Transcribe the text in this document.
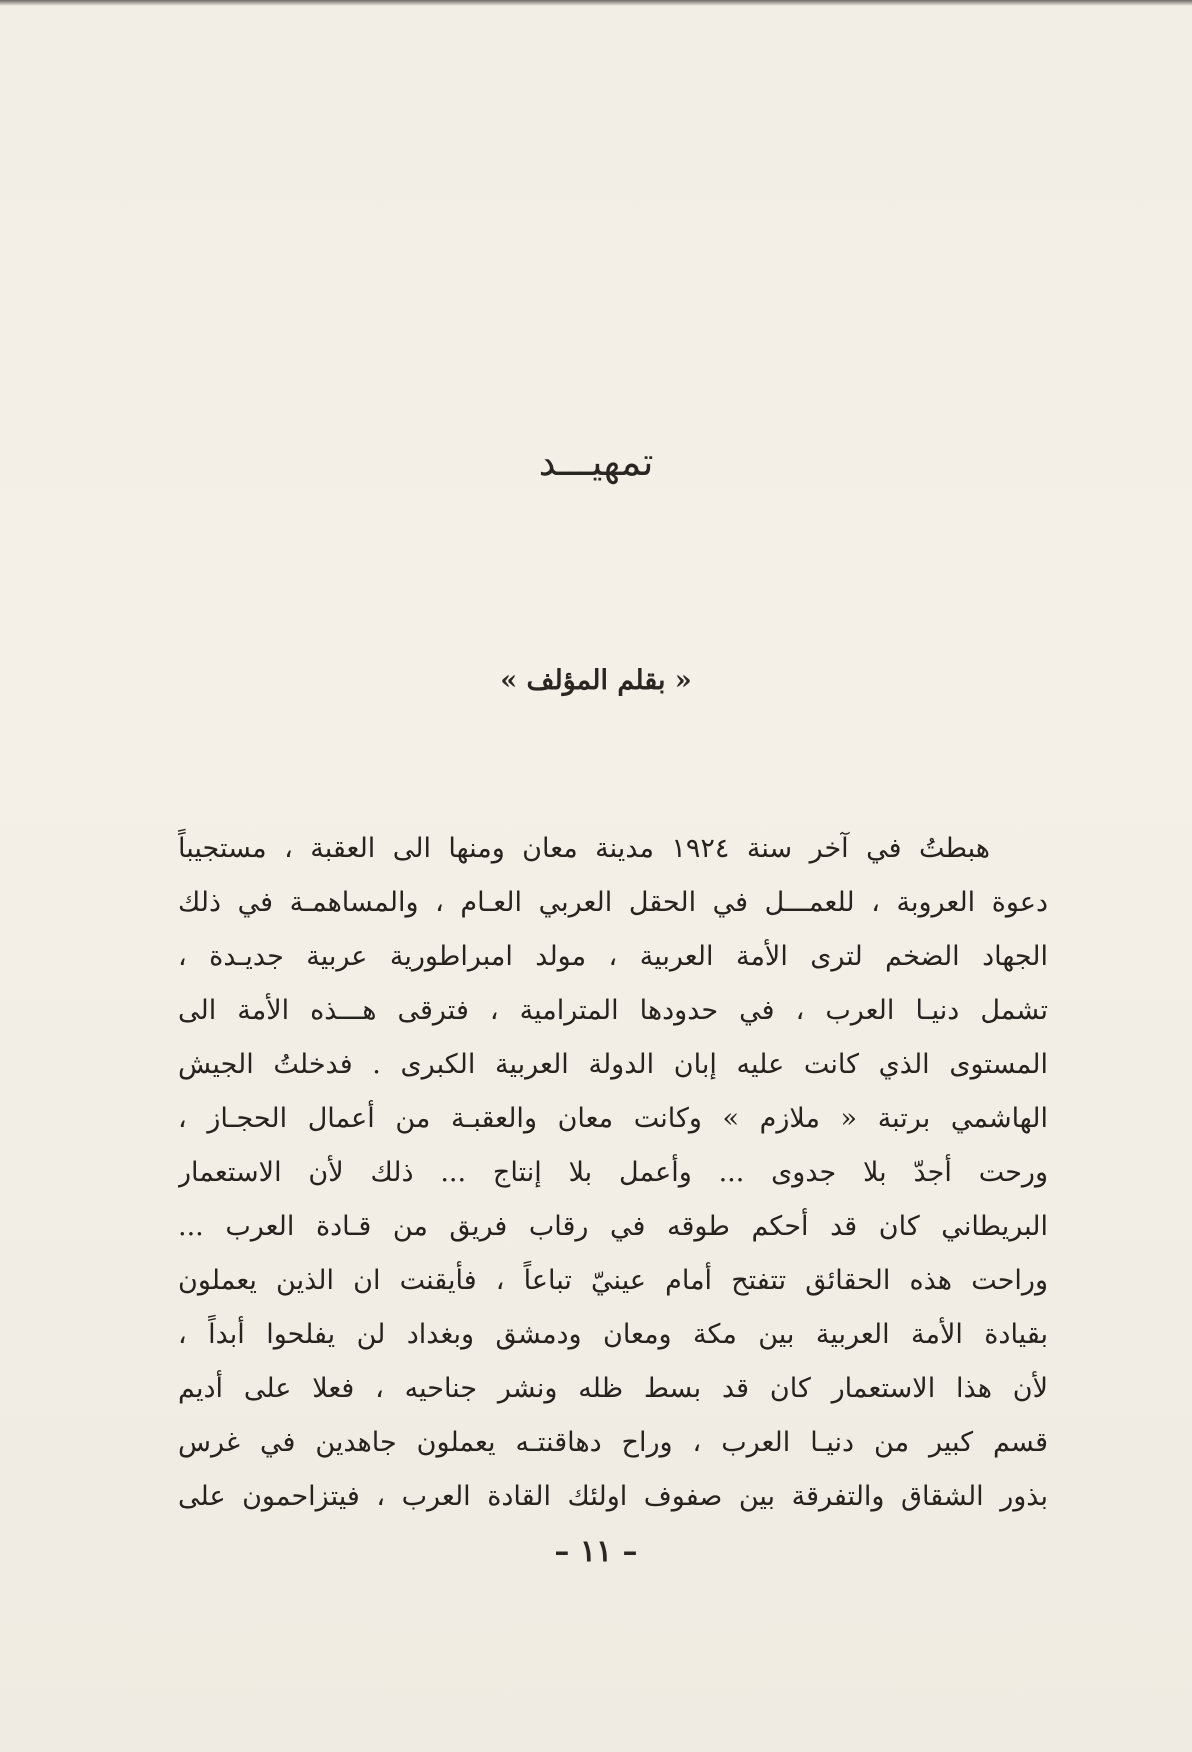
تمهيـــد
« بقلم المؤلف »
هبطتُ في آخر سنة ١٩٢٤ مدينة معان ومنها الى العقبة ، مستجيباً
دعوة العروبة ، للعمـــل في الحقل العربي العـام ، والمساهمـة في ذلك
الجهاد الضخم لترى الأمة العربية ، مولد امبراطورية عربية جديـدة ،
تشمل دنيـا العرب ، في حدودها المترامية ، فترقى هـــذه الأمة الى
المستوى الذي كانت عليه إبان الدولة العربية الكبرى . فدخلتُ الجيش
الهاشمي برتبة « ملازم » وكانت معان والعقبـة من أعمال الحجـاز ،
ورحت أجدّ بلا جدوى ... وأعمل بلا إنتاج ... ذلك لأن الاستعمار
البريطاني كان قد أحكم طوقه في رقاب فريق من قـادة العرب ...
وراحت هذه الحقائق تتفتح أمام عينيّ تباعاً ، فأيقنت ان الذين يعملون
بقيادة الأمة العربية بين مكة ومعان ودمشق وبغداد لن يفلحوا أبداً ،
لأن هذا الاستعمار كان قد بسط ظله ونشر جناحيه ، فعلا على أديم
قسم كبير من دنيـا العرب ، وراح دهاقنتـه يعملون جاهدين في غرس
بذور الشقاق والتفرقة بين صفوف اولئك القادة العرب ، فيتزاحمون على
– ١١ –
